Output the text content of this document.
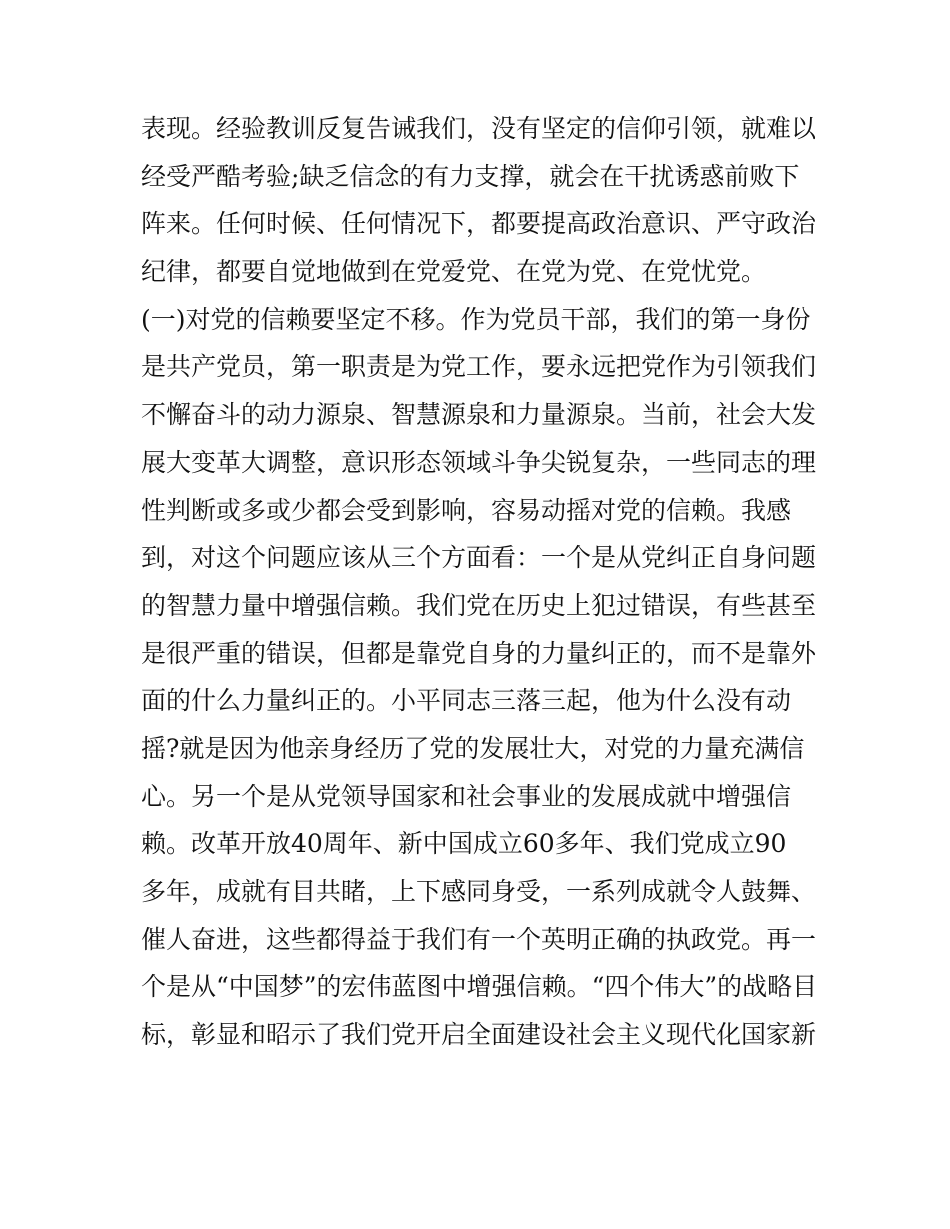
表现。经验教训反复告诫我们，没有坚定的信仰引领，就难以
经受严酷考验;缺乏信念的有力支撑，就会在干扰诱惑前败下
阵来。任何时候、任何情况下，都要提高政治意识、严守政治
纪律，都要自觉地做到在党爱党、在党为党、在党忧党。
(一)对党的信赖要坚定不移。作为党员干部，我们的第一身份
是共产党员，第一职责是为党工作，要永远把党作为引领我们
不懈奋斗的动力源泉、智慧源泉和力量源泉。当前，社会大发
展大变革大调整，意识形态领域斗争尖锐复杂，一些同志的理
性判断或多或少都会受到影响，容易动摇对党的信赖。我感
到，对这个问题应该从三个方面看：一个是从党纠正自身问题
的智慧力量中增强信赖。我们党在历史上犯过错误，有些甚至
是很严重的错误，但都是靠党自身的力量纠正的，而不是靠外
面的什么力量纠正的。小平同志三落三起，他为什么没有动
摇?就是因为他亲身经历了党的发展壮大，对党的力量充满信
心。另一个是从党领导国家和社会事业的发展成就中增强信
赖。改革开放40周年、新中国成立60多年、我们党成立90
多年，成就有目共睹，上下感同身受，一系列成就令人鼓舞、
催人奋进，这些都得益于我们有一个英明正确的执政党。再一
个是从“中国梦”的宏伟蓝图中增强信赖。“四个伟大”的战略目
标，彰显和昭示了我们党开启全面建设社会主义现代化国家新
